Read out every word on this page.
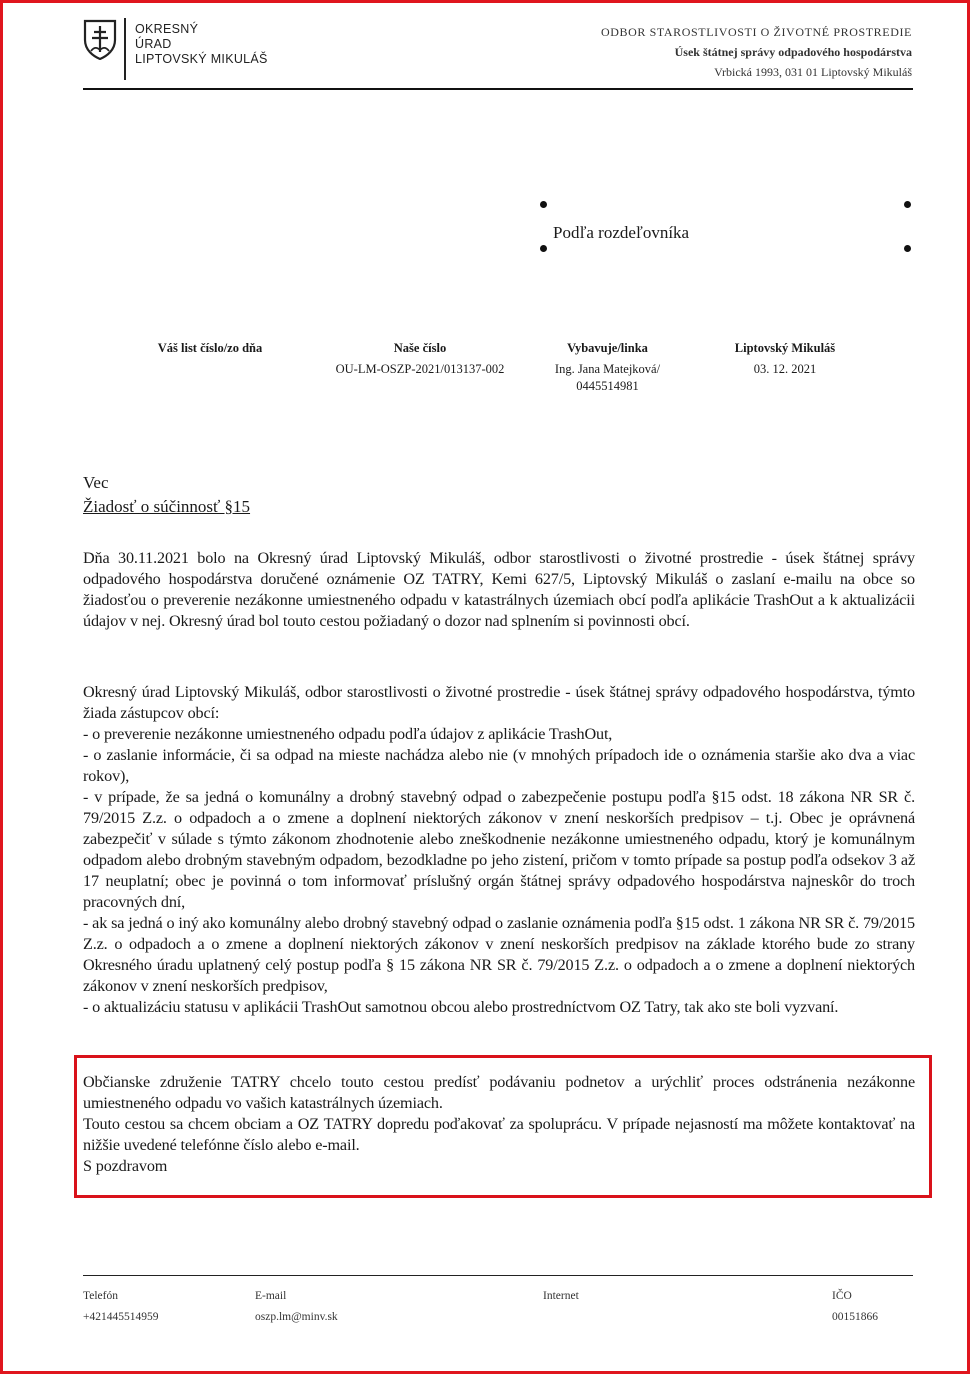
OKRESNÝ
ÚRAD
LIPTOVSKÝ MIKULÁŠ
ODBOR STAROSTLIVOSTI O ŽIVOTNÉ PROSTREDIE
Úsek štátnej správy odpadového hospodárstva
Vrbická 1993, 031 01 Liptovský Mikuláš
Podľa rozdeľovníka
Váš list číslo/zo dňa	Naše číslo
OU-LM-OSZP-2021/013137-002
Vybavuje/linka
Ing. Jana Matejková/ 0445514981
Liptovský Mikuláš
03. 12. 2021
Vec
Žiadosť o súčinnosť §15

Dňa 30.11.2021 bolo na Okresný úrad Liptovský Mikuláš, odbor starostlivosti o životné prostredie - úsek štátnej správy odpadového hospodárstva doručené oznámenie OZ TATRY, Kemi 627/5, Liptovský Mikuláš o zaslaní e-mailu na obce so žiadosťou o preverenie nezákonne umiestneného odpadu v katastrálnych územiach obcí podľa aplikácie TrashOut a k aktualizácii údajov v nej. Okresný úrad bol touto cestou požiadaný o dozor nad splnením si povinnosti obcí.

Okresný úrad Liptovský Mikuláš, odbor starostlivosti o životné prostredie - úsek štátnej správy odpadového hospodárstva, týmto žiada zástupcov obcí:

- o preverenie nezákonne umiestneného odpadu podľa údajov z aplikácie TrashOut,

- o zaslanie informácie, či sa odpad na mieste nachádza alebo nie (v mnohých prípadoch ide o oznámenia staršie ako dva a viac rokov),

- v prípade, že sa jedná o komunálny a drobný stavebný odpad o zabezpečenie postupu podľa §15 odst. 18 zákona NR SR č. 79/2015 Z.z. o odpadoch a o zmene a doplnení niektorých zákonov v znení neskorších predpisov – t.j. Obec je oprávnená zabezpečiť v súlade s týmto zákonom zhodnotenie alebo zneškodnenie nezákonne umiestneného odpadu, ktorý je komunálnym odpadom alebo drobným stavebným odpadom, bezodkladne po jeho zistení, pričom v tomto prípade sa postup podľa odsekov 3 až 17 neuplatní; obec je povinná o tom informovať príslušný orgán štátnej správy odpadového hospodárstva najneskôr do troch pracovných dní,

- ak sa jedná o iný ako komunálny alebo drobný stavebný odpad o zaslanie oznámenia podľa §15 odst. 1 zákona NR SR č. 79/2015 Z.z. o odpadoch a o zmene a doplnení niektorých zákonov v znení neskorších predpisov na základe ktorého bude zo strany Okresného úradu uplatnený celý postup podľa § 15 zákona NR SR č. 79/2015 Z.z. o odpadoch a o zmene a doplnení niektorých zákonov v znení neskorších predpisov,

- o aktualizáciu statusu v aplikácii TrashOut samotnou obcou alebo prostredníctvom OZ Tatry, tak ako ste boli vyzvaní.

Občianske združenie TATRY chcelo touto cestou predísť podávaniu podnetov a urýchliť proces odstránenia nezákonne umiestneného odpadu vo vašich katastrálnych územiach.

Touto cestou sa chcem obciam a OZ TATRY dopredu poďakovať za spoluprácu. V prípade nejasností ma môžete kontaktovať na nižšie uvedené telefónne číslo alebo e-mail.

S pozdravom

Telefón
+421445514959
E-mail
oszp.lm@minv.sk
Internet	IČO
00151866
